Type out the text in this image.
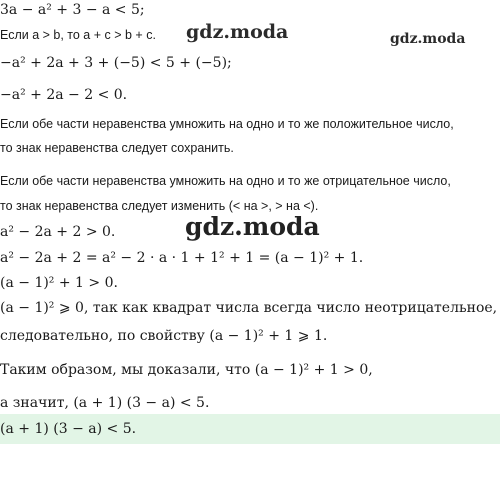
3a − a² + 3 − a < 5;
Если a > b, то a + c > b + c.
−a² + 2a + 3 + (−5) < 5 + (−5);
−a² + 2a − 2 < 0.
Если обе части неравенства умножить на одно и то же положительное число,
то знак неравенства следует сохранить.
Если обе части неравенства умножить на одно и то же отрицательное число,
то знак неравенства следует изменить (< на >, > на <).
a² − 2a + 2 > 0.
a² − 2a + 2 = a² − 2 · a · 1 + 1² + 1 = (a − 1)² + 1.
(a − 1)² + 1 > 0.
(a − 1)² ⩾ 0, так как квадрат числа всегда число неотрицательное,
следовательно, по свойству (a − 1)² + 1 ⩾ 1.
Таким образом, мы доказали, что (a − 1)² + 1 > 0,
а значит, (a + 1) (3 − a) < 5.
(a + 1) (3 − a) < 5.
gdz.moda	gdz.moda
gdz.moda
